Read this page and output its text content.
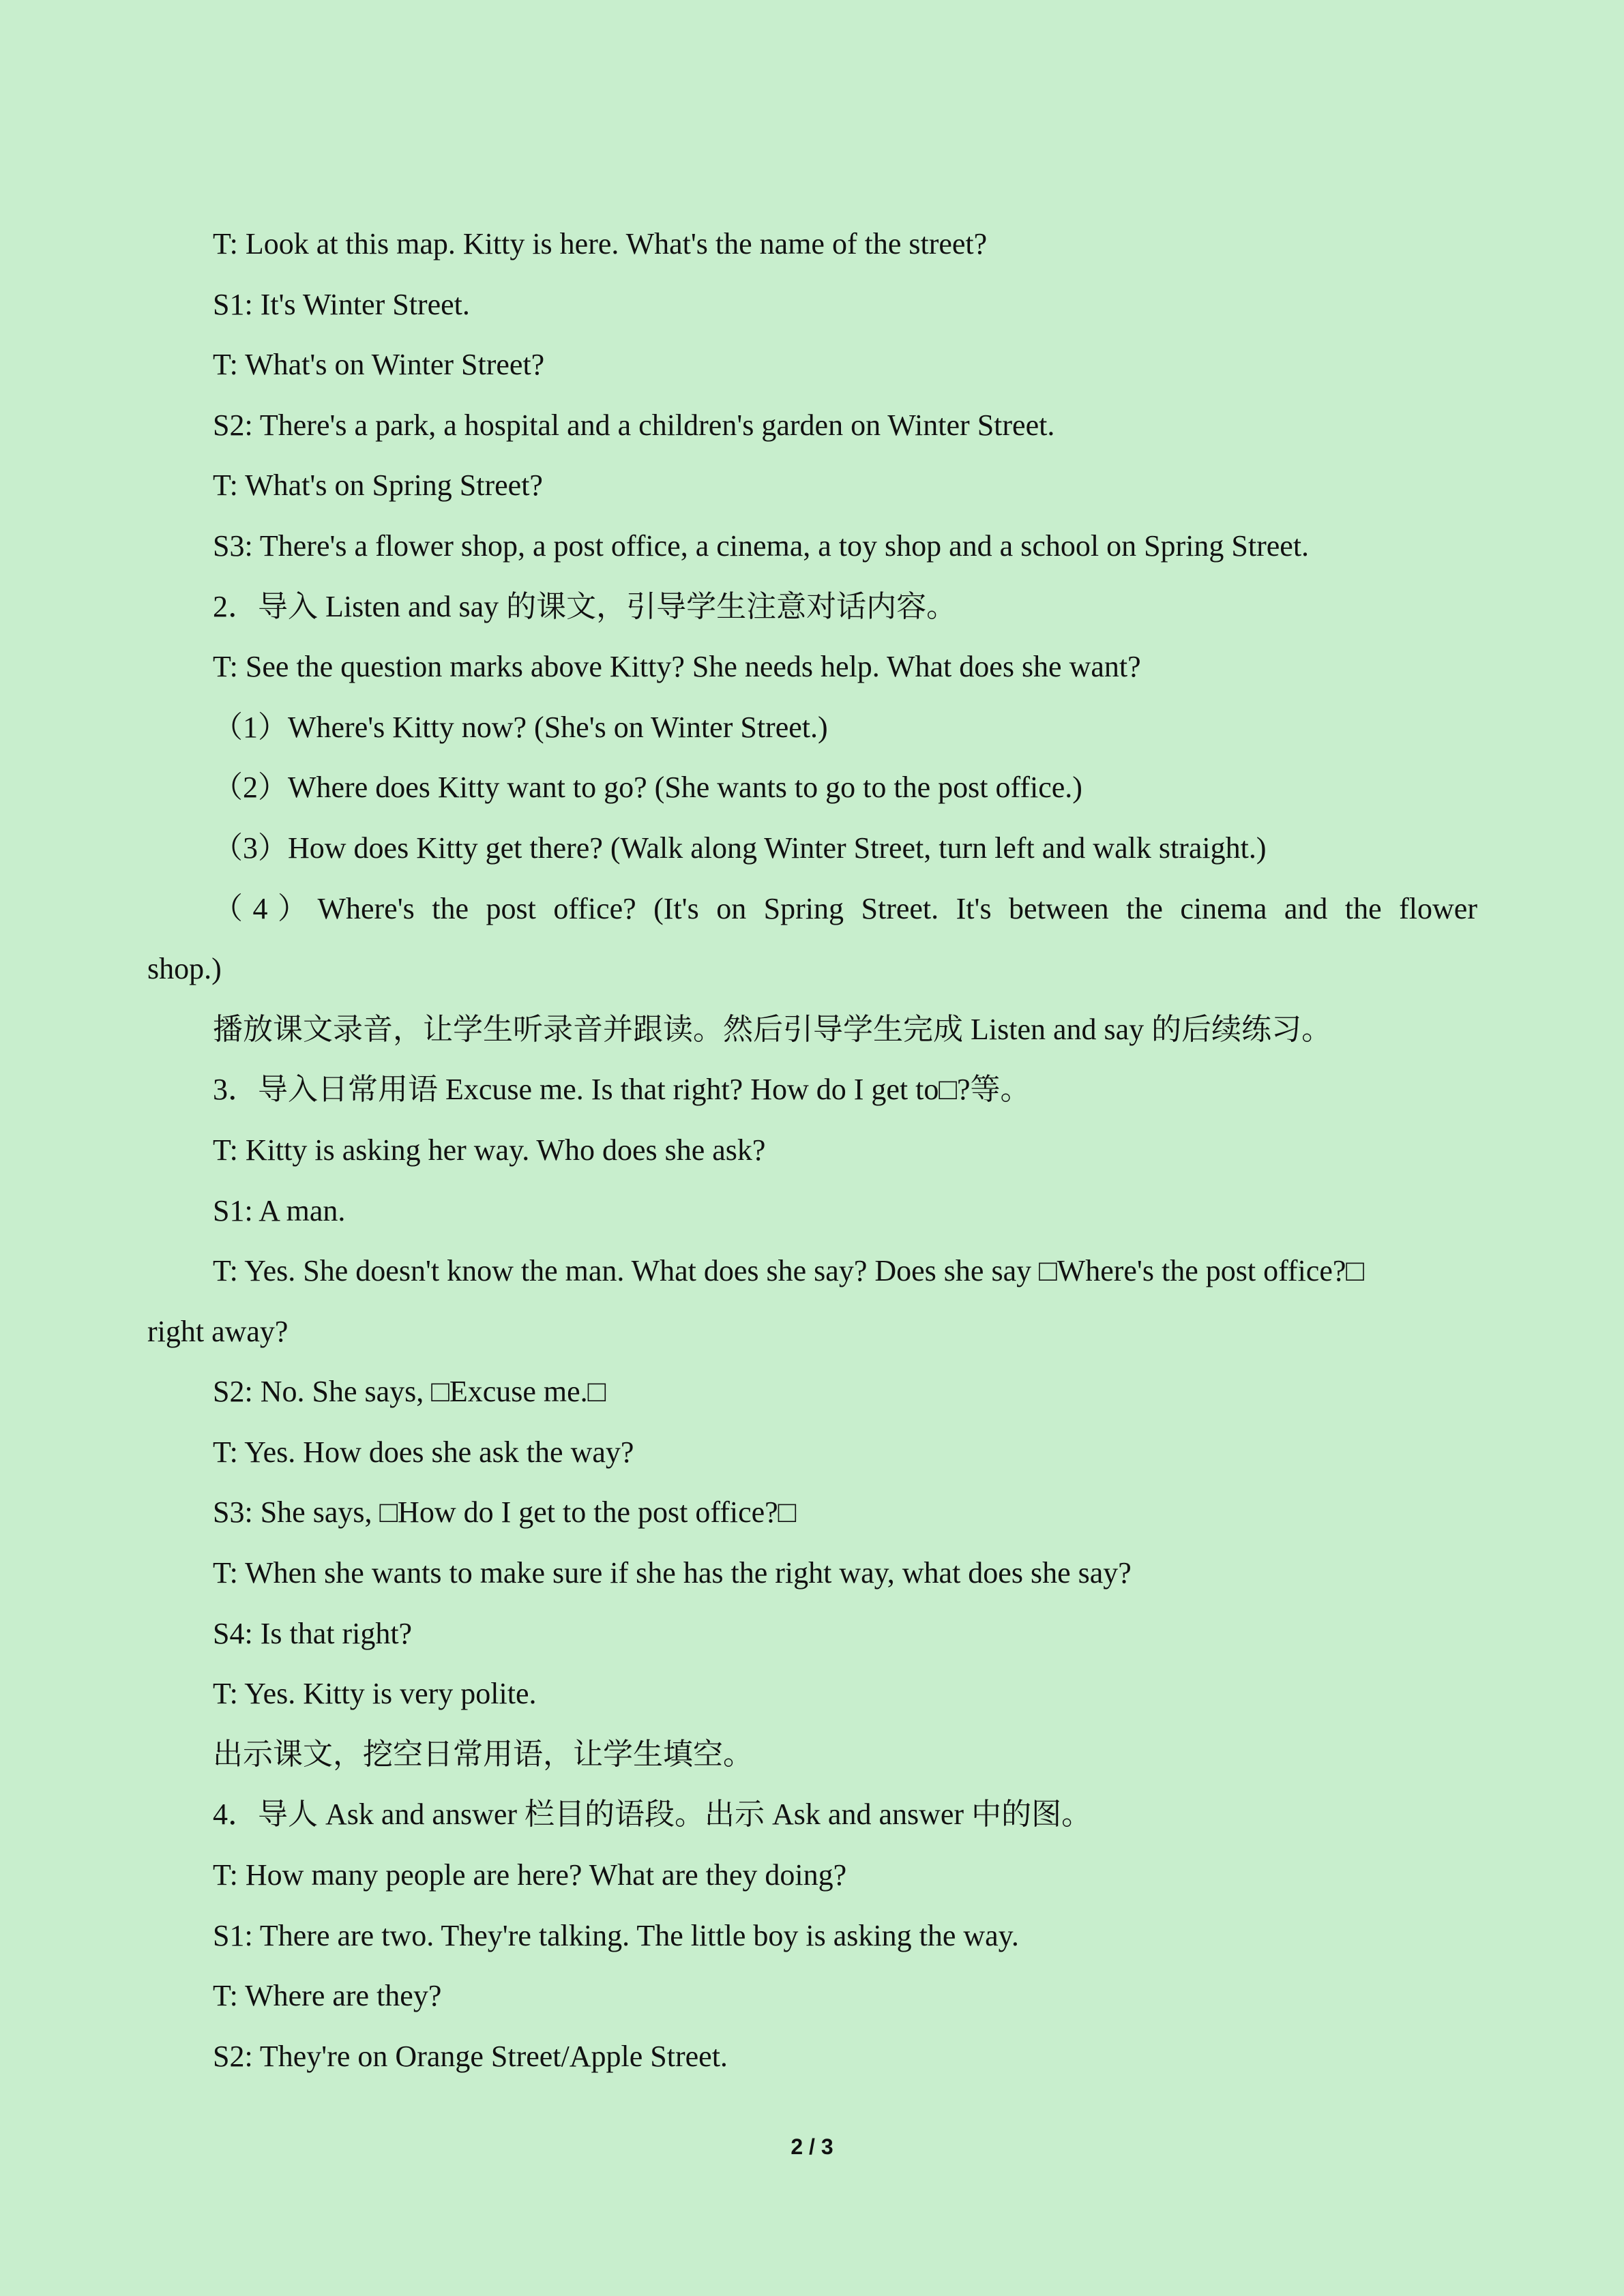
T: Look at this map. Kitty is here. What's the name of the street?
S1: It's Winter Street.
T: What's on Winter Street?
S2: There's a park, a hospital and a children's garden on Winter Street.
T: What's on Spring Street?
S3: There's a flower shop, a post office, a cinema, a toy shop and a school on Spring Street.
2．导入 Listen and say 的课文，引导学生注意对话内容。
T: See the question marks above Kitty? She needs help. What does she want?
（1）Where's Kitty now? (She's on Winter Street.)
（2）Where does Kitty want to go? (She wants to go to the post office.)
（3）How does Kitty get there? (Walk along Winter Street, turn left and walk straight.)
（4）Where's the post office? (It's on Spring Street. It's between the cinema and the flower
shop.)
播放课文录音，让学生听录音并跟读。然后引导学生完成 Listen and say 的后续练习。
3．导入日常用语 Excuse me. Is that right? How do I get to□?等。
T: Kitty is asking her way. Who does she ask?
S1: A man.
T: Yes. She doesn't know the man. What does she say? Does she say □Where's the post office?□
right away?
S2: No. She says, □Excuse me.□
T: Yes. How does she ask the way?
S3: She says, □How do I get to the post office?□
T: When she wants to make sure if she has the right way, what does she say?
S4: Is that right?
T: Yes. Kitty is very polite.
出示课文，挖空日常用语，让学生填空。
4．导人 Ask and answer 栏目的语段。出示 Ask and answer 中的图。
T: How many people are here? What are they doing?
S1: There are two. They're talking. The little boy is asking the way.
T: Where are they?
S2: They're on Orange Street/Apple Street.
2 / 3
